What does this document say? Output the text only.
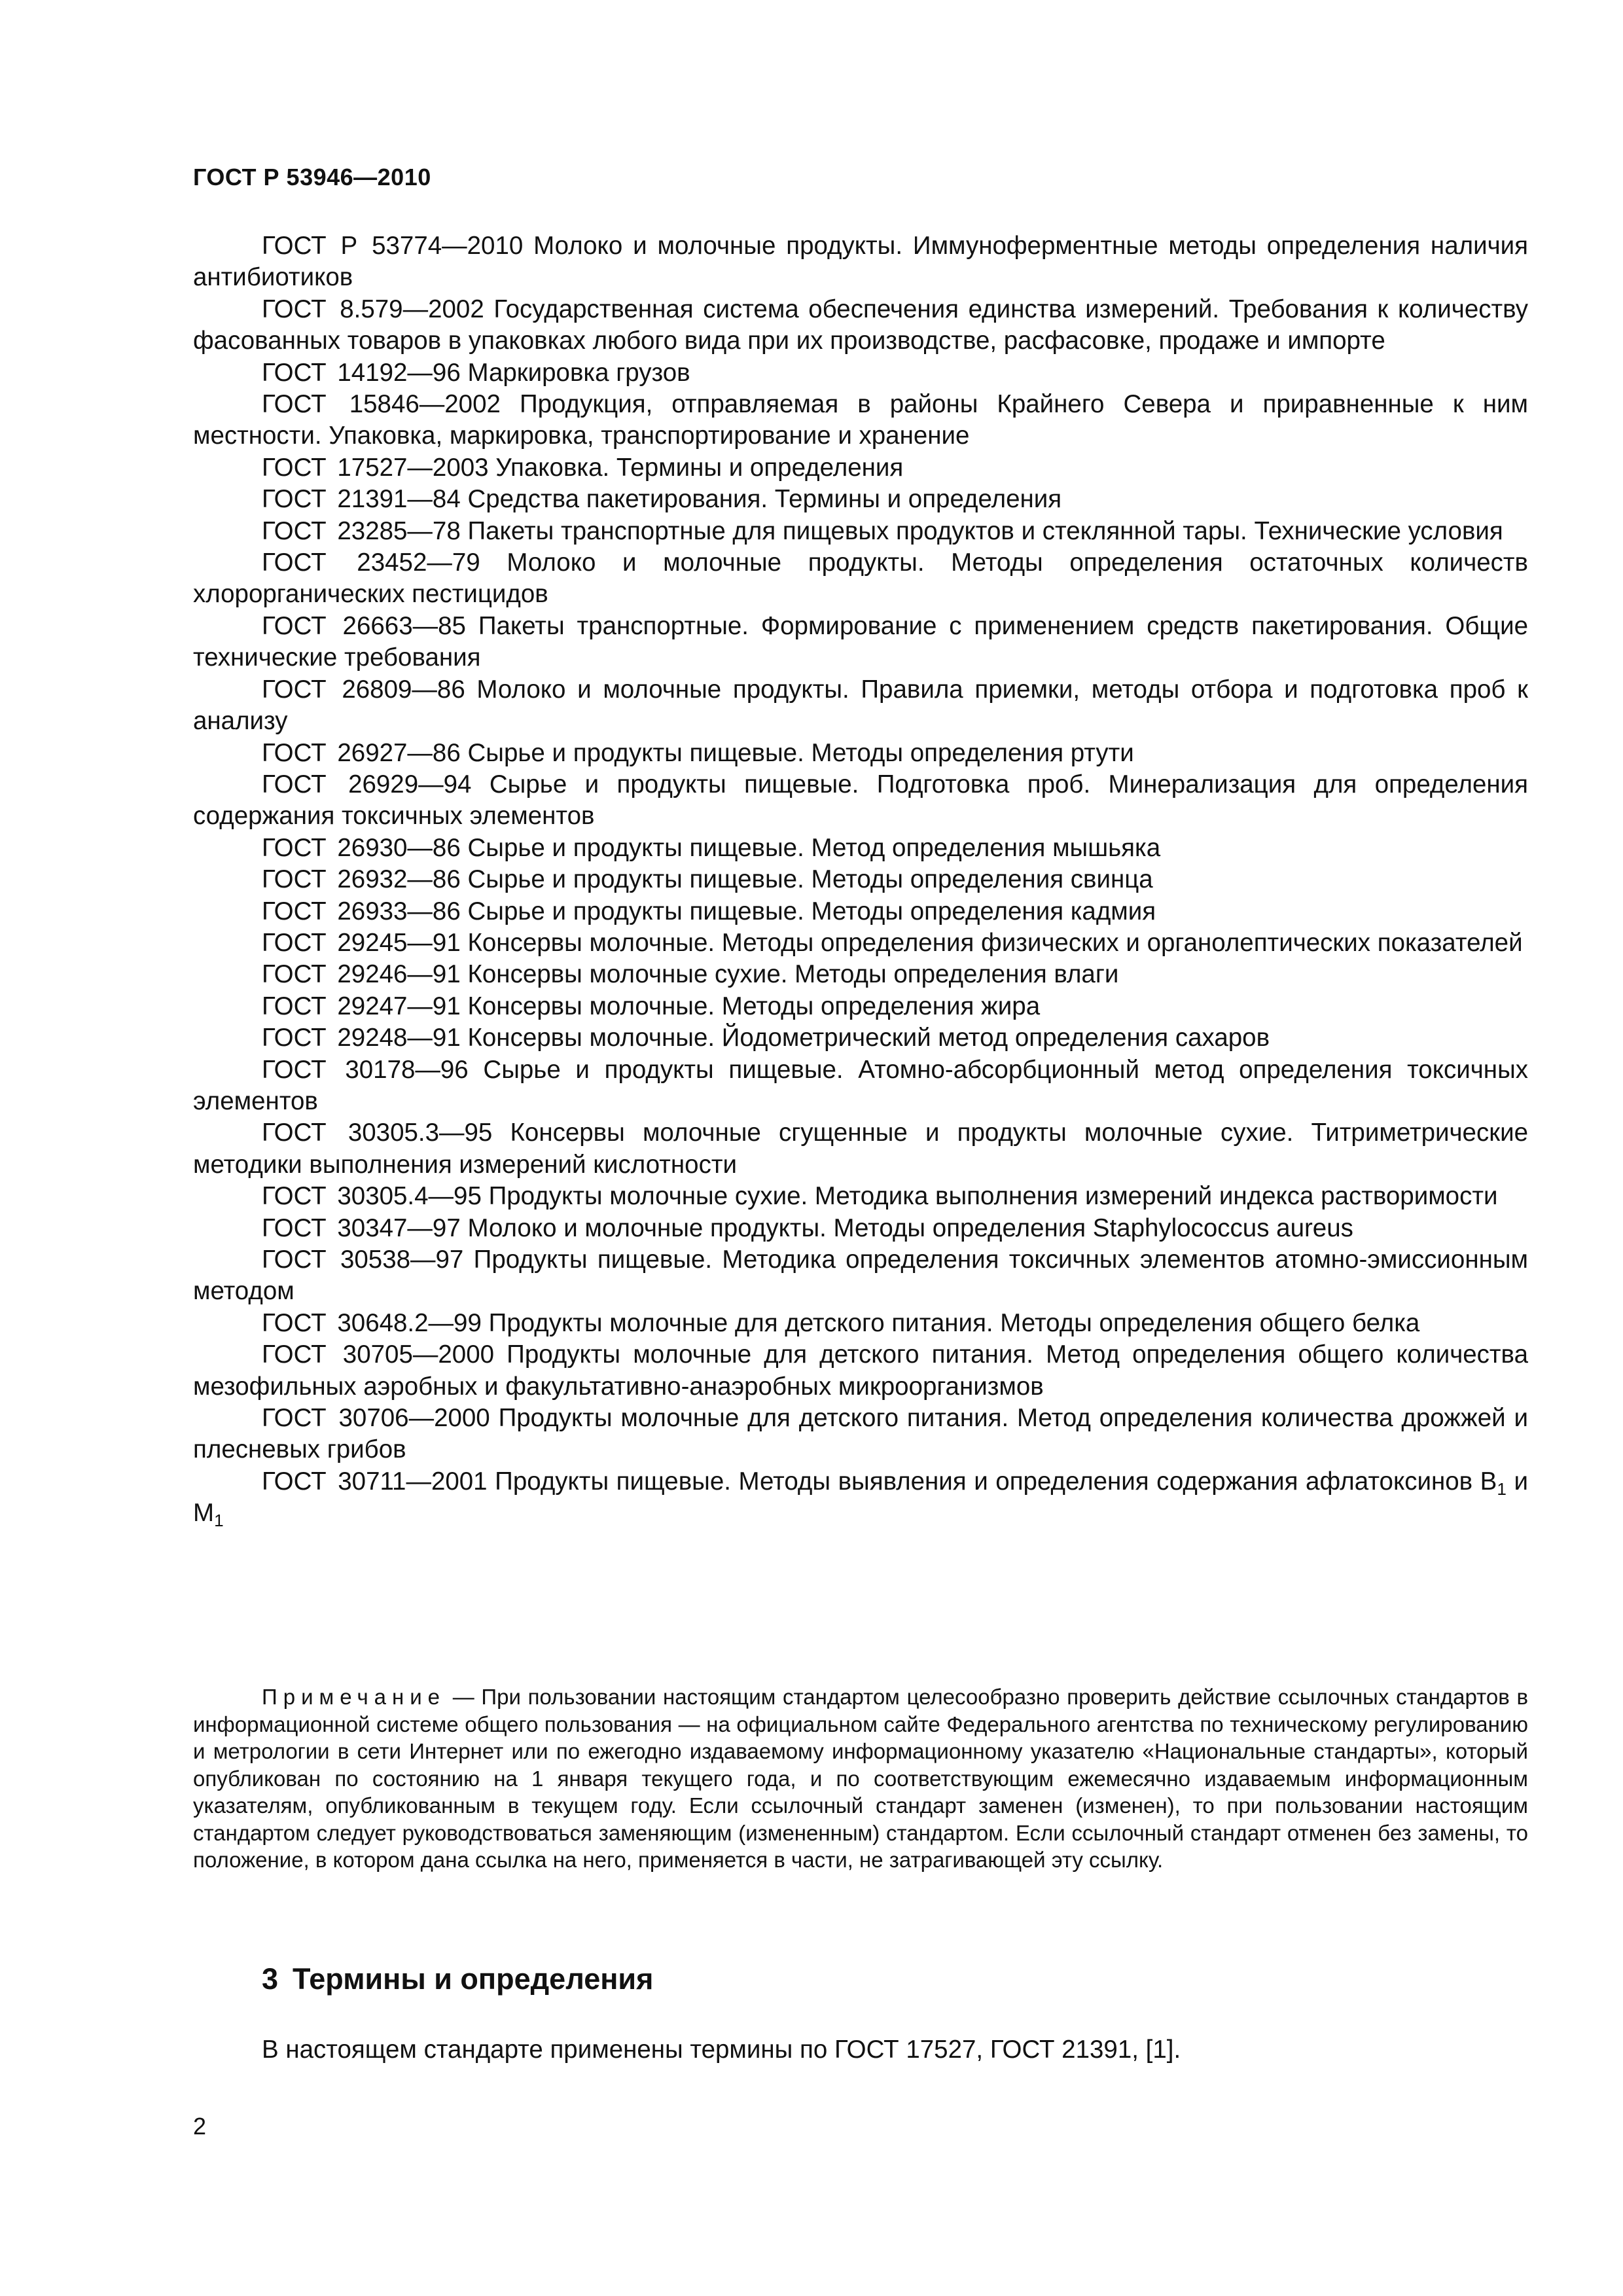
ГОСТ Р 53946—2010

ГОСТ Р 53774—2010 Молоко и молочные продукты. Иммуноферментные методы определения наличия антибиотиков

ГОСТ 8.579—2002 Государственная система обеспечения единства измерений. Требования к количеству фасованных товаров в упаковках любого вида при их производстве, расфасовке, продаже и импорте

ГОСТ 14192—96 Маркировка грузов

ГОСТ 15846—2002 Продукция, отправляемая в районы Крайнего Севера и приравненные к ним местности. Упаковка, маркировка, транспортирование и хранение

ГОСТ 17527—2003 Упаковка. Термины и определения

ГОСТ 21391—84 Средства пакетирования. Термины и определения

ГОСТ 23285—78 Пакеты транспортные для пищевых продуктов и стеклянной тары. Технические условия

ГОСТ 23452—79 Молоко и молочные продукты. Методы определения остаточных количеств хлорорганических пестицидов

ГОСТ 26663—85 Пакеты транспортные. Формирование с применением средств пакетирования. Общие технические требования

ГОСТ 26809—86 Молоко и молочные продукты. Правила приемки, методы отбора и подготовка проб к анализу

ГОСТ 26927—86 Сырье и продукты пищевые. Методы определения ртути

ГОСТ 26929—94 Сырье и продукты пищевые. Подготовка проб. Минерализация для определения содержания токсичных элементов

ГОСТ 26930—86 Сырье и продукты пищевые. Метод определения мышьяка

ГОСТ 26932—86 Сырье и продукты пищевые. Методы определения свинца

ГОСТ 26933—86 Сырье и продукты пищевые. Методы определения кадмия

ГОСТ 29245—91 Консервы молочные. Методы определения физических и органолептических показателей

ГОСТ 29246—91 Консервы молочные сухие. Методы определения влаги

ГОСТ 29247—91 Консервы молочные. Методы определения жира

ГОСТ 29248—91 Консервы молочные. Йодометрический метод определения сахаров

ГОСТ 30178—96 Сырье и продукты пищевые. Атомно-абсорбционный метод определения токсичных элементов

ГОСТ 30305.3—95 Консервы молочные сгущенные и продукты молочные сухие. Титриметрические методики выполнения измерений кислотности

ГОСТ 30305.4—95 Продукты молочные сухие. Методика выполнения измерений индекса растворимости

ГОСТ 30347—97 Молоко и молочные продукты. Методы определения Staphylococcus aureus

ГОСТ 30538—97 Продукты пищевые. Методика определения токсичных элементов атомно-эмиссионным методом

ГОСТ 30648.2—99 Продукты молочные для детского питания. Методы определения общего белка

ГОСТ 30705—2000 Продукты молочные для детского питания. Метод определения общего количества мезофильных аэробных и факультативно-анаэробных микроорганизмов

ГОСТ 30706—2000 Продукты молочные для детского питания. Метод определения количества дрожжей и плесневых грибов

ГОСТ 30711—2001 Продукты пищевые. Методы выявления и определения содержания афлатоксинов $B_1$ и $M_1$

Примечание — При пользовании настоящим стандартом целесообразно проверить действие ссылочных стандартов в информационной системе общего пользования — на официальном сайте Федерального агентства по техническому регулированию и метрологии в сети Интернет или по ежегодно издаваемому информационному указателю «Национальные стандарты», который опубликован по состоянию на 1 января текущего года, и по соответствующим ежемесячно издаваемым информационным указателям, опубликованным в текущем году. Если ссылочный стандарт заменен (изменен), то при пользовании настоящим стандартом следует руководствоваться заменяющим (измененным) стандартом. Если ссылочный стандарт отменен без замены, то положение, в котором дана ссылка на него, применяется в части, не затрагивающей эту ссылку.

3 Термины и определения

В настоящем стандарте применены термины по ГОСТ 17527, ГОСТ 21391, [1].

2
